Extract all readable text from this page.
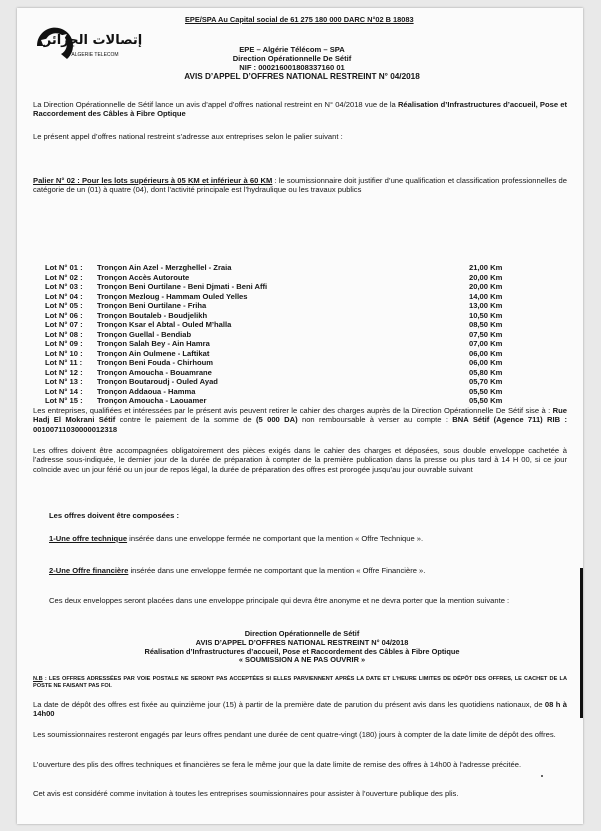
EPE/SPA Au Capital social de 61 275 180 000 DARC N°02 B 18083
إتصالات الجزائر
ALGERIE TELECOM
EPE – Algérie Télécom – SPA
Direction Opérationnelle De Sétif
NIF : 000216001808337160 01
AVIS D’APPEL D’OFFRES NATIONAL RESTREINT N° 04/2018
La Direction Opérationnelle de Sétif lance un avis d’appel d’offres national restreint en N° 04/2018 vue de la Réalisation d’Infrastructures d’accueil, Pose et Raccordement des Câbles à Fibre Optique
Le présent appel d’offres national restreint s’adresse aux entreprises selon le palier suivant :
Palier N° 02 : Pour les lots supérieurs à 05 KM et inférieur à 60 KM : le soumissionnaire doit justifier d’une qualification et classification professionnelles de catégorie de un (01) à quatre (04), dont l’activité principale est l’hydraulique ou les travaux publics
Lot N° 01 :	Tronçon Ain Azel - Merzghellel - Zraia	21,00 Km
Lot N° 02 :	Tronçon Accès Autoroute	20,00 Km
Lot N° 03 :	Tronçon Beni Ourtilane - Beni Djmati - Beni Affi	20,00 Km
Lot N° 04 :	Tronçon Mezloug - Hammam Ouled Yelles	14,00 Km
Lot N° 05 :	Tronçon Beni Ourtilane - Friha	13,00 Km
Lot N° 06 :	Tronçon Boutaleb - Boudjelikh	10,50 Km
Lot N° 07 :	Tronçon Ksar el Abtal - Ouled M’halla	08,50 Km
Lot N° 08 :	Tronçon Guellal - Bendiab	07,50 Km
Lot N° 09 :	Tronçon Salah Bey - Ain Hamra	07,00 Km
Lot N° 10 :	Tronçon Ain Oulmene - Laftikat	06,00 Km
Lot N° 11 :	Tronçon Beni Fouda - Chirhoum	06,00 Km
Lot N° 12 :	Tronçon Amoucha - Bouamrane	05,80 Km
Lot N° 13 :	Tronçon Boutaroudj - Ouled Ayad	05,70 Km
Lot N° 14 :	Tronçon Addaoua - Hamma	05,50 Km
Lot N° 15 :	Tronçon Amoucha - Laouamer	05,50 Km
Les entreprises, qualifiées et intéressées par le présent avis peuvent retirer le cahier des charges auprès de la Direction Opérationnelle De Sétif sise à : Rue Hadj El Mokrani Sétif contre le paiement de la somme de (5 000 DA) non remboursable à verser au compte : BNA Sétif (Agence 711) RIB : 00100711030000012318
Les offres doivent être accompagnées obligatoirement des pièces exigés dans le cahier des charges et déposées, sous double enveloppe cachetée à l’adresse sous-indiquée, le dernier jour de la durée de préparation à compter de la première publication dans la presse ou plus tard à 14 H 00, si ce jour coïncide avec un jour férié ou un jour de repos légal, la durée de préparation des offres est prorogée jusqu’au jour ouvrable suivant
Les offres doivent être composées :
1-Une offre technique insérée dans une enveloppe fermée ne comportant que la mention « Offre Technique ».
2-Une Offre financière insérée dans une enveloppe fermée ne comportant que la mention « Offre Financière ».
Ces deux enveloppes seront placées dans une enveloppe principale qui devra être anonyme et ne devra porter que la mention suivante :
Direction Opérationnelle de Sétif
AVIS D’APPEL D’OFFRES NATIONAL RESTREINT N° 04/2018
Réalisation d’Infrastructures d’accueil, Pose et Raccordement des Câbles à Fibre Optique
« SOUMISSION A NE PAS OUVRIR »
N.B : LES OFFRES ADRESSÉES PAR VOIE POSTALE NE SERONT PAS ACCEPTÉES SI ELLES PARVIENNENT APRÈS LA DATE ET L’HEURE LIMITES DE DÉPÔT DES OFFRES, LE CACHET DE LA POSTE NE FAISANT PAS FOI.
La date de dépôt des offres est fixée au quinzième jour (15) à partir de la première date de parution du présent avis dans les quotidiens nationaux, de 08 h à 14h00
Les soumissionnaires resteront engagés par leurs offres pendant une durée de cent quatre-vingt (180) jours à compter de la date limite de dépôt des offres.
L’ouverture des plis des offres techniques et financières se fera le même jour que la date limite de remise des offres à 14h00 à l’adresse précitée.
Cet avis est considéré comme invitation à toutes les entreprises soumissionnaires pour assister à l’ouverture publique des plis.
